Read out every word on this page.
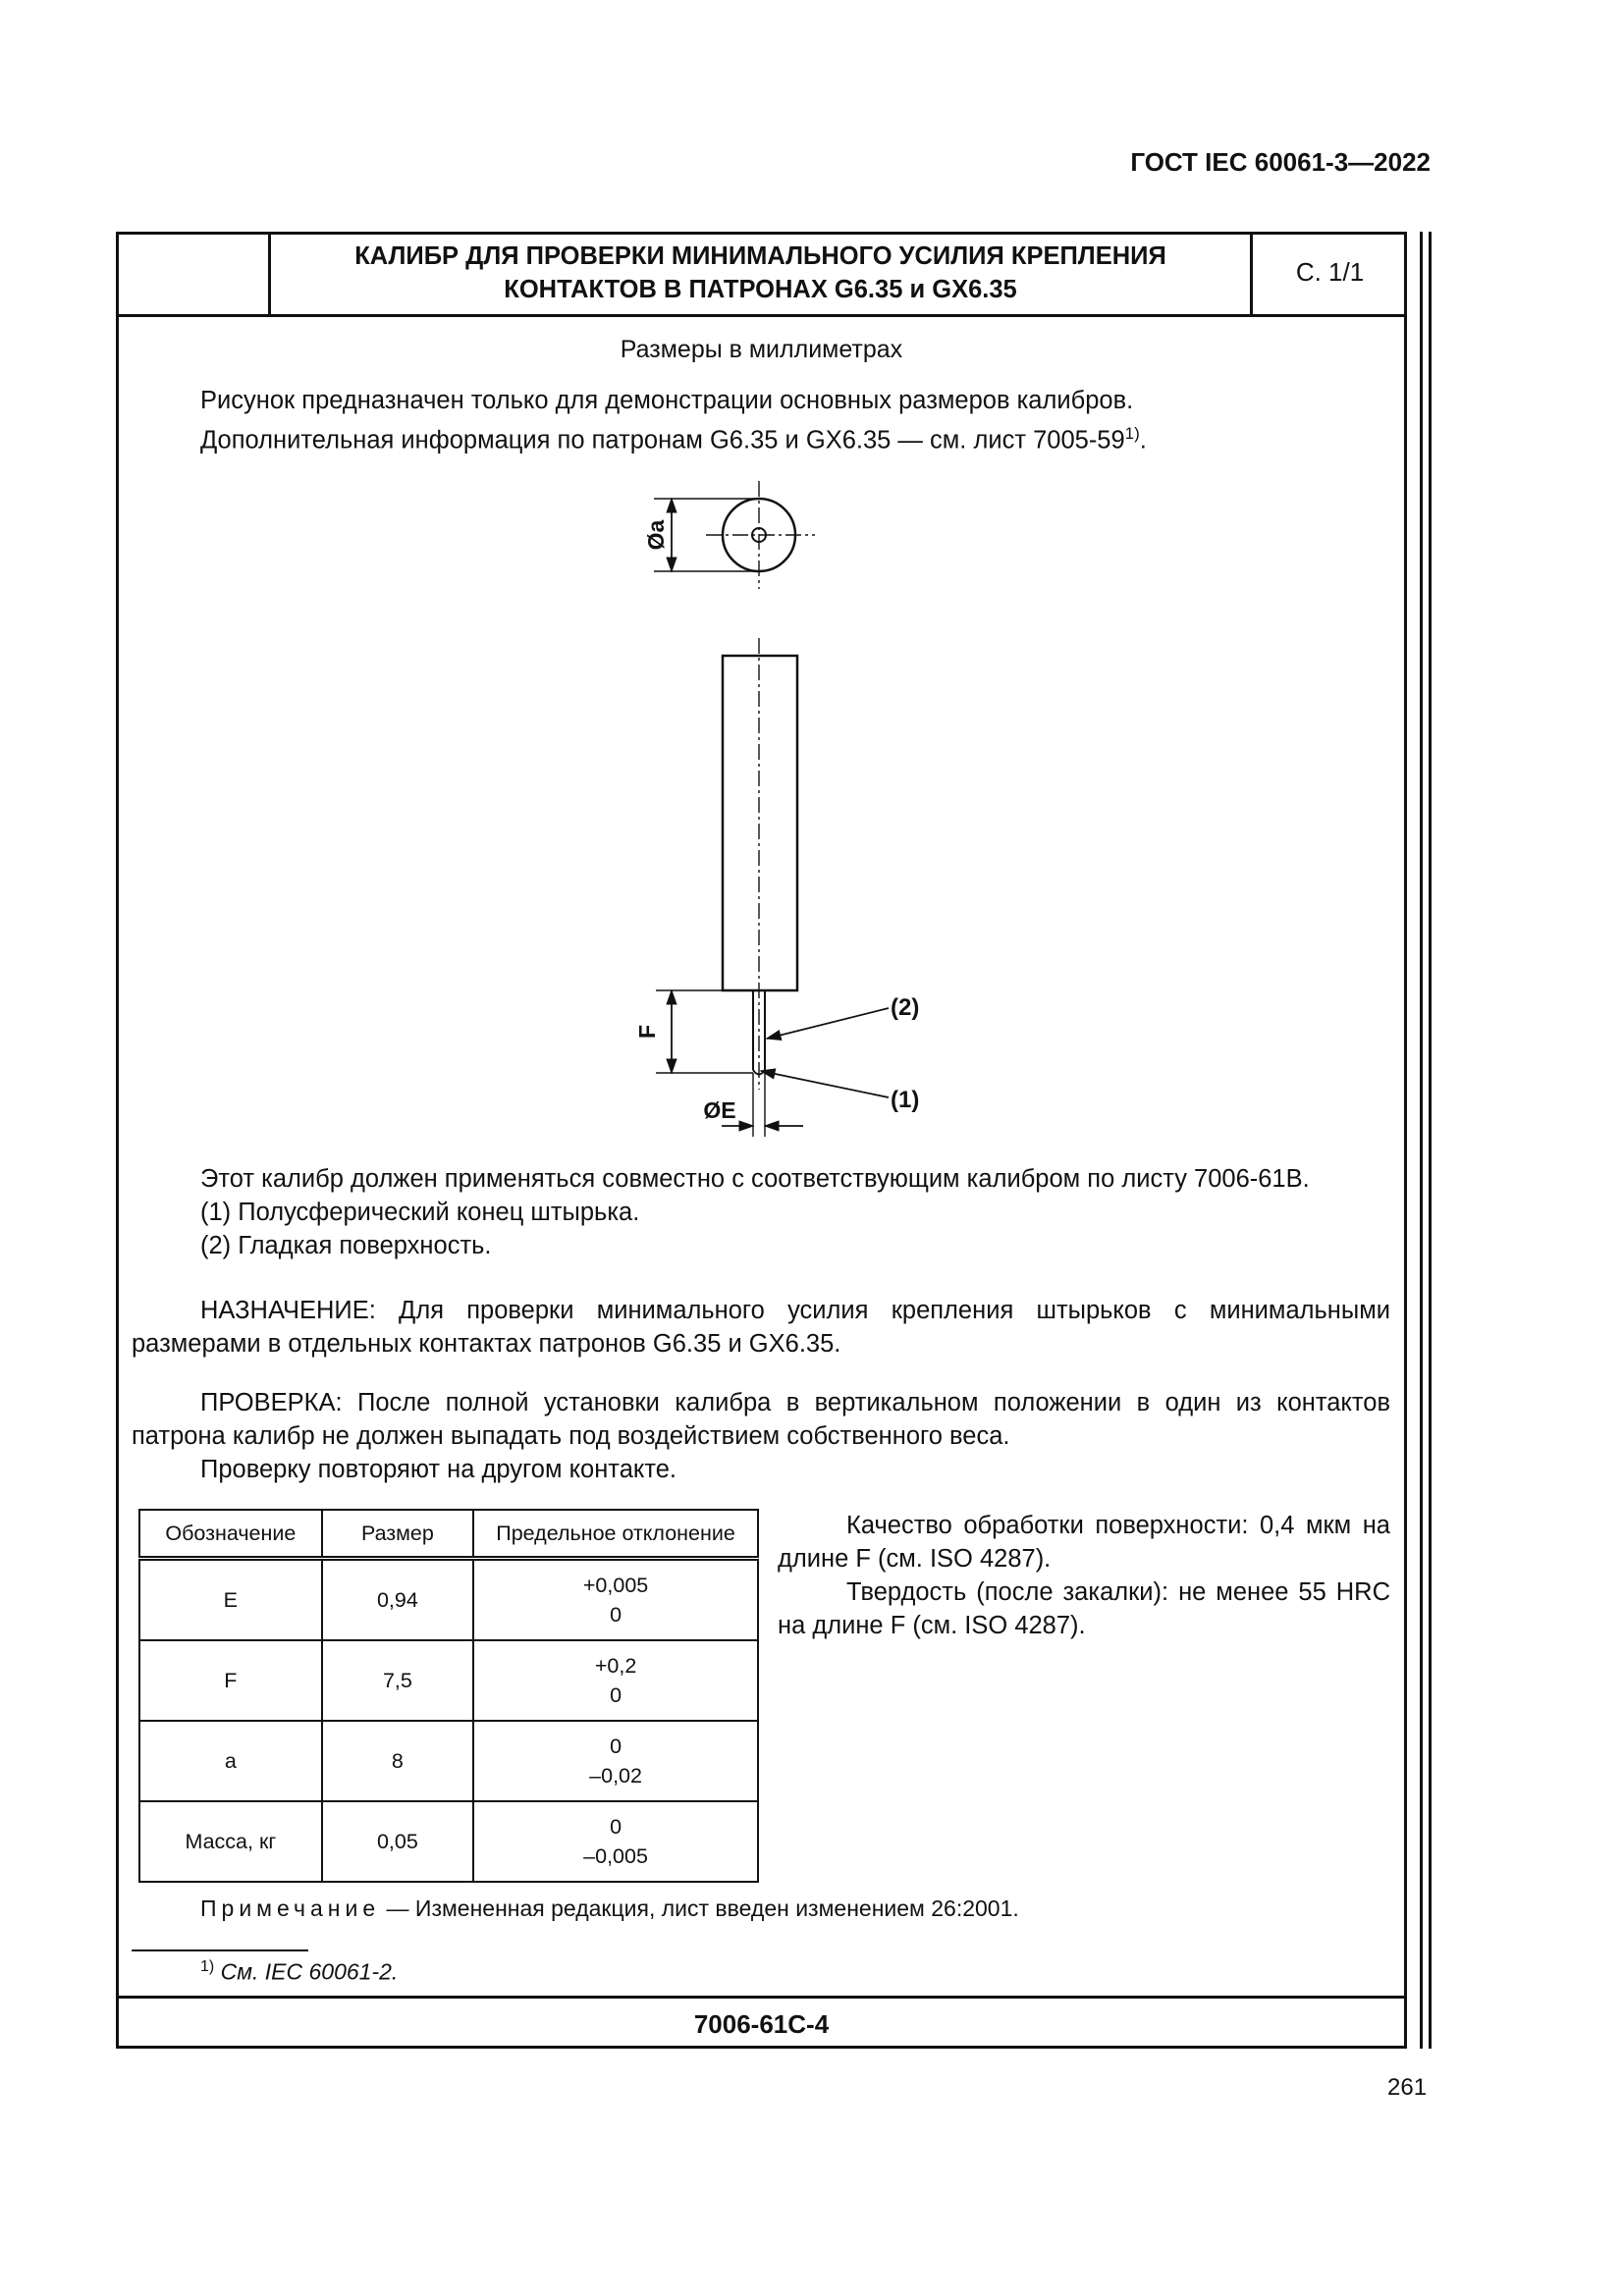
ГОСТ IEC 60061-3—2022
КАЛИБР ДЛЯ ПРОВЕРКИ МИНИМАЛЬНОГО УСИЛИЯ КРЕПЛЕНИЯ
КОНТАКТОВ В ПАТРОНАХ G6.35 и GX6.35
С. 1/1
Размеры в миллиметрах
Рисунок предназначен только для демонстрации основных размеров калибров.
Дополнительная информация по патронам G6.35 и GX6.35 — см. лист 7005-59$^{1)}$.
Øa
F
ØE
(2)
(1)
Этот калибр должен применяться совместно с соответствующим калибром по листу 7006-61B.
(1) Полусферический конец штырька.
(2) Гладкая поверхность.
НАЗНАЧЕНИЕ: Для проверки минимального усилия крепления штырьков с минимальными размерами в отдельных контактах патронов G6.35 и GX6.35.
ПРОВЕРКА: После полной установки калибра в вертикальном положении в один из контактов патрона калибр не должен выпадать под воздействием собственного веса.
Проверку повторяют на другом контакте.
Обозначение	Размер	Предельное отклонение
E	0,94	+0,005
0

F	7,5	+0,2
0

a	8	0
–0,02

Масса, кг	0,05	0
–0,005
Качество обработки поверхности: 0,4 мкм на длине F (см. ISO 4287).
Твердость (после закалки): не менее 55 HRC на длине F (см. ISO 4287).
Примечание — Измененная редакция, лист введен изменением 26:2001.
$^{1)}$ См. IEC 60061-2.
7006-61C-4
261
